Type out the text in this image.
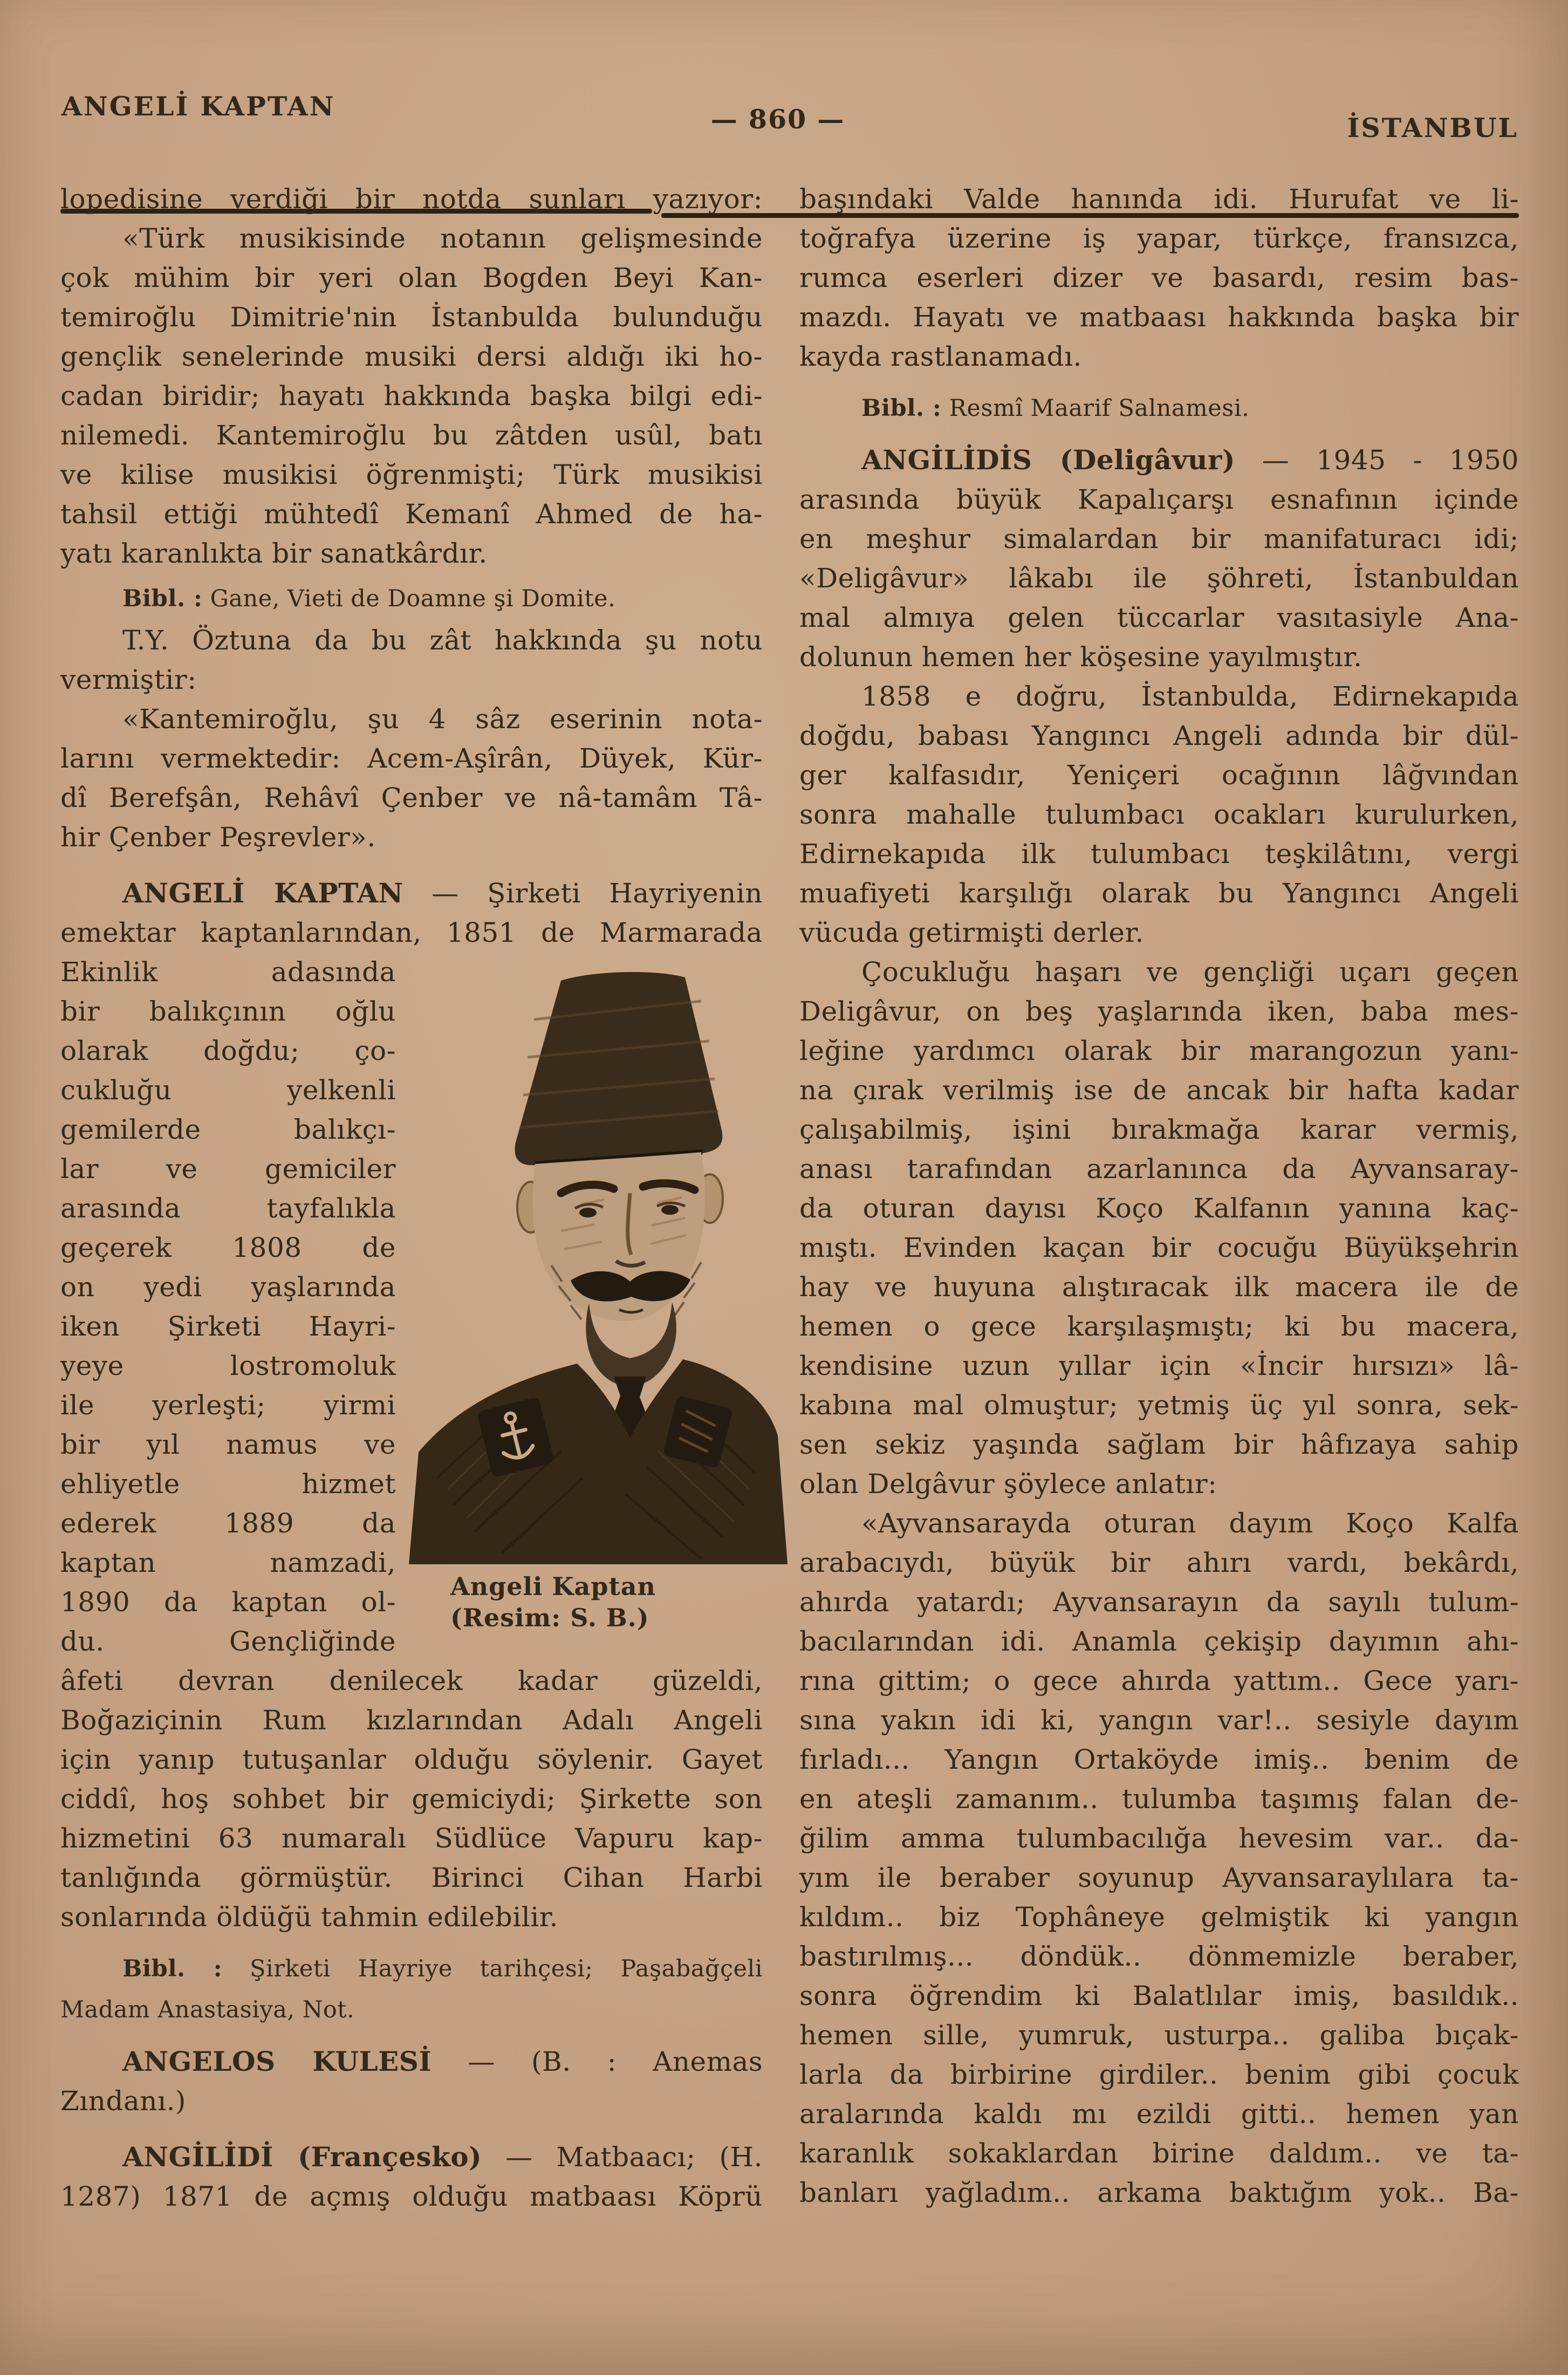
ANGELİ KAPTAN	— 860 —	İSTANBUL
lopedisine verdiği bir notda şunları yazıyor:
«Türk musikisinde notanın gelişmesinde
çok mühim bir yeri olan Bogden Beyi Kan-
temiroğlu Dimitrie'nin İstanbulda bulunduğu
gençlik senelerinde musiki dersi aldığı iki ho-
cadan biridir; hayatı hakkında başka bilgi edi-
nilemedi. Kantemiroğlu bu zâtden usûl, batı
ve kilise musikisi öğrenmişti; Türk musikisi
tahsil ettiği mühtedî Kemanî Ahmed de ha-
yatı karanlıkta bir sanatkârdır.
Bibl. : Gane, Vieti de Doamne şi Domite.
T.Y. Öztuna da bu zât hakkında şu notu
vermiştir:
«Kantemiroğlu, şu 4 sâz eserinin nota-
larını vermektedir: Acem-Aşîrân, Düyek, Kür-
dî Berefşân, Rehâvî Çenber ve nâ-tamâm Tâ-
hir Çenber Peşrevler».
ANGELİ KAPTAN — Şirketi Hayriyenin
emektar kaptanlarından, 1851 de Marmarada
Ekinlik adasında
bir balıkçının oğlu
olarak doğdu; ço-
cukluğu yelkenli
gemilerde balıkçı-
lar ve gemiciler
arasında tayfalıkla
geçerek 1808 de
on yedi yaşlarında
iken Şirketi Hayri-
yeye lostromoluk
ile yerleşti; yirmi
bir yıl namus ve
ehliyetle hizmet
ederek 1889 da
kaptan namzadi,
1890 da kaptan ol-
du. Gençliğinde
âfeti devran denilecek kadar güzeldi,
Boğaziçinin Rum kızlarından Adalı Angeli
için yanıp tutuşanlar olduğu söylenir. Gayet
ciddî, hoş sohbet bir gemiciydi; Şirkette son
hizmetini 63 numaralı Südlüce Vapuru kap-
tanlığında görmüştür. Birinci Cihan Harbi
sonlarında öldüğü tahmin edilebilir.
Bibl. : Şirketi Hayriye tarihçesi; Paşabağçeli
Madam Anastasiya, Not.
ANGELOS KULESİ — (B. : Anemas
Zındanı.)
ANGİLİDİ (Françesko) — Matbaacı; (H.
1287) 1871 de açmış olduğu matbaası Köprü
başındaki Valde hanında idi. Hurufat ve li-
toğrafya üzerine iş yapar, türkçe, fransızca,
rumca eserleri dizer ve basardı, resim bas-
mazdı. Hayatı ve matbaası hakkında başka bir
kayda rastlanamadı.
Bibl. : Resmî Maarif Salnamesi.
ANGİLİDİS (Deligâvur) — 1945 - 1950
arasında büyük Kapalıçarşı esnafının içinde
en meşhur simalardan bir manifaturacı idi;
«Deligâvur» lâkabı ile şöhreti, İstanbuldan
mal almıya gelen tüccarlar vasıtasiyle Ana-
dolunun hemen her köşesine yayılmıştır.
1858 e doğru, İstanbulda, Edirnekapıda
doğdu, babası Yangıncı Angeli adında bir dül-
ger kalfasıdır, Yeniçeri ocağının lâğvından
sonra mahalle tulumbacı ocakları kurulurken,
Edirnekapıda ilk tulumbacı teşkilâtını, vergi
muafiyeti karşılığı olarak bu Yangıncı Angeli
vücuda getirmişti derler.
Çocukluğu haşarı ve gençliği uçarı geçen
Deligâvur, on beş yaşlarında iken, baba mes-
leğine yardımcı olarak bir marangozun yanı-
na çırak verilmiş ise de ancak bir hafta kadar
çalışabilmiş, işini bırakmağa karar vermiş,
anası tarafından azarlanınca da Ayvansaray-
da oturan dayısı Koço Kalfanın yanına kaç-
mıştı. Evinden kaçan bir cocuğu Büyükşehrin
hay ve huyuna alıştıracak ilk macera ile de
hemen o gece karşılaşmıştı; ki bu macera,
kendisine uzun yıllar için «İncir hırsızı» lâ-
kabına mal olmuştur; yetmiş üç yıl sonra, sek-
sen sekiz yaşında sağlam bir hâfızaya sahip
olan Delgâvur şöylece anlatır:
«Ayvansarayda oturan dayım Koço Kalfa
arabacıydı, büyük bir ahırı vardı, bekârdı,
ahırda yatardı; Ayvansarayın da sayılı tulum-
bacılarından idi. Anamla çekişip dayımın ahı-
rına gittim; o gece ahırda yattım.. Gece yarı-
sına yakın idi ki, yangın var!.. sesiyle dayım
fırladı... Yangın Ortaköyde imiş.. benim de
en ateşli zamanım.. tulumba taşımış falan de-
ğilim amma tulumbacılığa hevesim var.. da-
yım ile beraber soyunup Ayvansaraylılara ta-
kıldım.. biz Tophâneye gelmiştik ki yangın
bastırılmış... döndük.. dönmemizle beraber,
sonra öğrendim ki Balatlılar imiş, basıldık..
hemen sille, yumruk, usturpa.. galiba bıçak-
larla da birbirine girdiler.. benim gibi çocuk
aralarında kaldı mı ezildi gitti.. hemen yan
karanlık sokaklardan birine daldım.. ve ta-
banları yağladım.. arkama baktığım yok.. Ba-
Angeli Kaptan
(Resim: S. B.)
